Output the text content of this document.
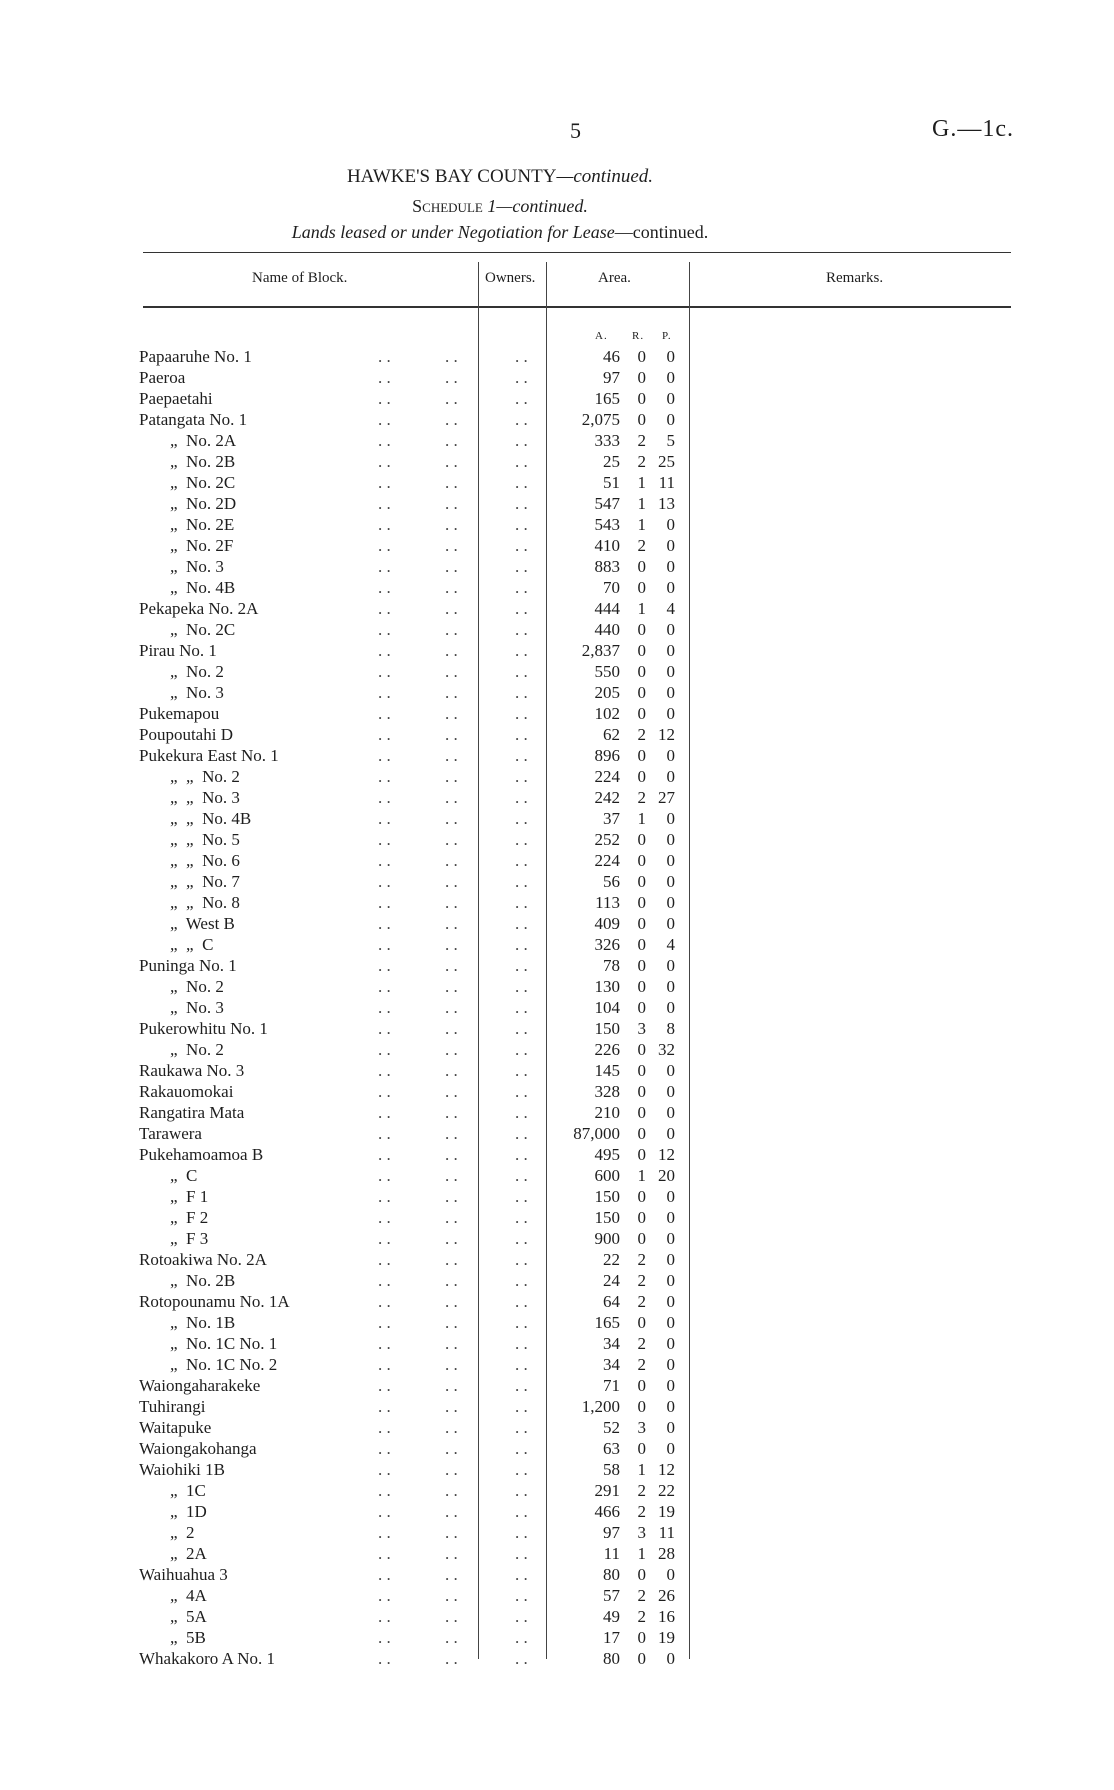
5	G.—1c.
HAWKE'S BAY COUNTY—continued.
Schedule 1—continued.
Lands leased or under Negotiation for Lease—continued.
Name of Block.	Owners.	Area.	Remarks.
A. R. P.
Papaaruhe No. 1	. .	. .	. .	46 0 0
Paeroa	. .	. .	. .	97 0 0
Paepaetahi	. .	. .	. .	165 0 0
Patangata No. 1	. .	. .	. .	2,075 0 0
„  No. 2A	. .	. .	. .	333 2 5
„  No. 2B	. .	. .	. .	25 2 25
„  No. 2C	. .	. .	. .	51 1 11
„  No. 2D	. .	. .	. .	547 1 13
„  No. 2E	. .	. .	. .	543 1 0
„  No. 2F	. .	. .	. .	410 2 0
„  No. 3	. .	. .	. .	883 0 0
„  No. 4B	. .	. .	. .	70 0 0
Pekapeka No. 2A	. .	. .	. .	444 1 4
„  No. 2C	. .	. .	. .	440 0 0
Pirau No. 1	. .	. .	. .	2,837 0 0
„  No. 2	. .	. .	. .	550 0 0
„  No. 3	. .	. .	. .	205 0 0
Pukemapou	. .	. .	. .	102 0 0
Poupoutahi D	. .	. .	. .	62 2 12
Pukekura East No. 1	. .	. .	. .	896 0 0
„  „  No. 2	. .	. .	. .	224 0 0
„  „  No. 3	. .	. .	. .	242 2 27
„  „  No. 4B	. .	. .	. .	37 1 0
„  „  No. 5	. .	. .	. .	252 0 0
„  „  No. 6	. .	. .	. .	224 0 0
„  „  No. 7	. .	. .	. .	56 0 0
„  „  No. 8	. .	. .	. .	113 0 0
„  West B	. .	. .	. .	409 0 0
„  „  C	. .	. .	. .	326 0 4
Puninga No. 1	. .	. .	. .	78 0 0
„  No. 2	. .	. .	. .	130 0 0
„  No. 3	. .	. .	. .	104 0 0
Pukerowhitu No. 1	. .	. .	. .	150 3 8
„  No. 2	. .	. .	. .	226 0 32
Raukawa No. 3	. .	. .	. .	145 0 0
Rakauomokai	. .	. .	. .	328 0 0
Rangatira Mata	. .	. .	. .	210 0 0
Tarawera	. .	. .	. .	87,000 0 0
Pukehamoamoa B	. .	. .	. .	495 0 12
„  C	. .	. .	. .	600 1 20
„  F 1	. .	. .	. .	150 0 0
„  F 2	. .	. .	. .	150 0 0
„  F 3	. .	. .	. .	900 0 0
Rotoakiwa No. 2A	. .	. .	. .	22 2 0
„  No. 2B	. .	. .	. .	24 2 0
Rotopounamu No. 1A	. .	. .	. .	64 2 0
„  No. 1B	. .	. .	. .	165 0 0
„  No. 1C No. 1	. .	. .	. .	34 2 0
„  No. 1C No. 2	. .	. .	. .	34 2 0
Waiongaharakeke	. .	. .	. .	71 0 0
Tuhirangi	. .	. .	. .	1,200 0 0
Waitapuke	. .	. .	. .	52 3 0
Waiongakohanga	. .	. .	. .	63 0 0
Waiohiki 1B	. .	. .	. .	58 1 12
„  1C	. .	. .	. .	291 2 22
„  1D	. .	. .	. .	466 2 19
„  2	. .	. .	. .	97 3 11
„  2A	. .	. .	. .	11 1 28
Waihuahua 3	. .	. .	. .	80 0 0
„  4A	. .	. .	. .	57 2 26
„  5A	. .	. .	. .	49 2 16
„  5B	. .	. .	. .	17 0 19
Whakakoro A No. 1	. .	. .	. .	80 0 0
